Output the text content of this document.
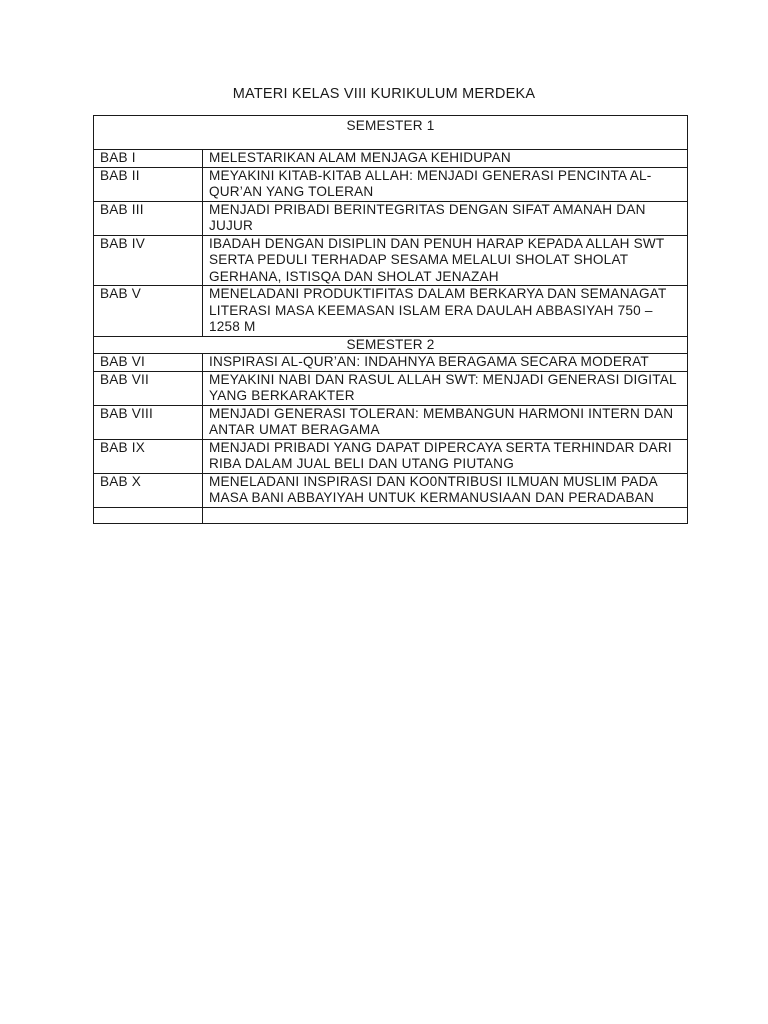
MATERI KELAS VIII KURIKULUM MERDEKA
SEMESTER 1	
BAB I	MELESTARIKAN ALAM MENJAGA KEHIDUPAN
BAB II	MEYAKINI KITAB-KITAB ALLAH: MENJADI GENERASI PENCINTA AL-QUR’AN YANG TOLERAN
BAB III	MENJADI PRIBADI BERINTEGRITAS DENGAN SIFAT AMANAH DAN JUJUR
BAB IV	IBADAH DENGAN DISIPLIN DAN PENUH HARAP KEPADA ALLAH SWT SERTA PEDULI TERHADAP SESAMA MELALUI SHOLAT SHOLAT GERHANA, ISTISQA DAN SHOLAT JENAZAH
BAB V	MENELADANI PRODUKTIFITAS DALAM BERKARYA DAN SEMANAGAT LITERASI MASA KEEMASAN ISLAM ERA DAULAH ABBASIYAH 750 – 1258 M
SEMESTER 2	
BAB VI	INSPIRASI AL-QUR’AN: INDAHNYA BERAGAMA SECARA MODERAT
BAB VII	MEYAKINI NABI DAN RASUL ALLAH SWT: MENJADI GENERASI DIGITAL YANG BERKARAKTER
BAB VIII	MENJADI GENERASI TOLERAN: MEMBANGUN HARMONI INTERN DAN ANTAR UMAT BERAGAMA
BAB IX	MENJADI PRIBADI YANG DAPAT DIPERCAYA SERTA TERHINDAR DARI RIBA DALAM JUAL BELI DAN UTANG PIUTANG
BAB X	MENELADANI INSPIRASI DAN KO0NTRIBUSI ILMUAN MUSLIM PADA MASA BANI ABBAYIYAH UNTUK KERMANUSIAAN DAN PERADABAN
